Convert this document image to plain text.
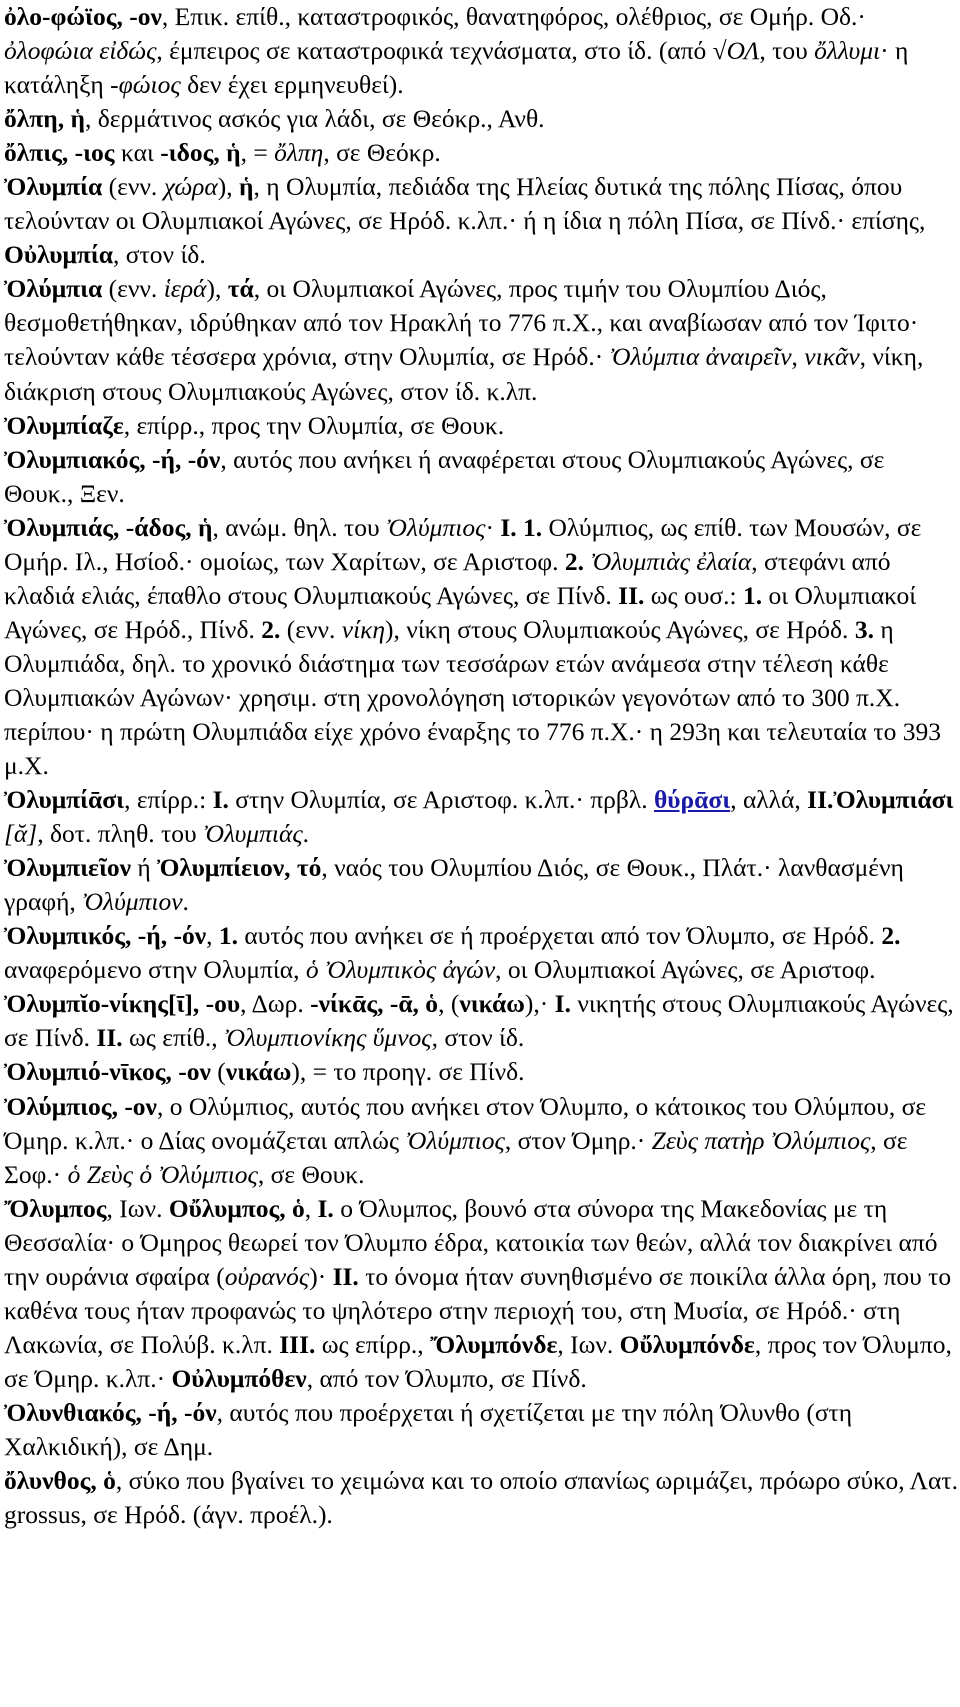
ὀλο-φώϊος, -ον, Επικ. επίθ., καταστροφικός, θανατηφόρος, ολέθριος, σε Ομήρ. Οδ.· ὀλοφώια εἰδώς, έμπειρος σε καταστροφικά τεχνάσματα, στο ίδ. (από √ΟΛ, του ὄλλυμι· η κατάληξη -φώιος δεν έχει ερμηνευθεί).

ὄλπη, ἡ, δερμάτινος ασκός για λάδι, σε Θεόκρ., Ανθ.

ὄλπις, -ιος και -ιδος, ἡ, = ὄλπη, σε Θεόκρ.

Ὀλυμπία (ενν. χώρα), ἡ, η Ολυμπία, πεδιάδα της Ηλείας δυτικά της πόλης Πίσας, όπου τελούνταν οι Ολυμπιακοί Αγώνες, σε Ηρόδ. κ.λπ.· ή η ίδια η πόλη Πίσα, σε Πίνδ.· επίσης, Οὐλυμπία, στον ίδ.

Ὀλύμπια (ενν. ἱερά), τά, οι Ολυμπιακοί Αγώνες, προς τιμήν του Ολυμπίου Διός, θεσμοθετήθηκαν, ιδρύθηκαν από τον Ηρακλή το 776 π.Χ., και αναβίωσαν από τον Ίφιτο· τελούνταν κάθε τέσσερα χρόνια, στην Ολυμπία, σε Ηρόδ.· Ὀλύμπια ἀναιρεῖν, νικᾶν, νίκη, διάκριση στους Ολυμπιακούς Αγώνες, στον ίδ. κ.λπ.

Ὀλυμπίαζε, επίρρ., προς την Ολυμπία, σε Θουκ.

Ὀλυμπιακός, -ή, -όν, αυτός που ανήκει ή αναφέρεται στους Ολυμπιακούς Αγώνες, σε Θουκ., Ξεν.

Ὀλυμπιάς, -άδος, ἡ, ανώμ. θηλ. του Ὀλύμπιος· I. 1. Ολύμπιος, ως επίθ. των Μουσών, σε Ομήρ. Ιλ., Ησίοδ.· ομοίως, των Χαρίτων, σε Αριστοφ. 2. Ὀλυμπιὰς ἐλαία, στεφάνι από κλαδιά ελιάς, έπαθλο στους Ολυμπιακούς Αγώνες, σε Πίνδ. II. ως ουσ.: 1. οι Ολυμπιακοί Αγώνες, σε Ηρόδ., Πίνδ. 2. (ενν. νίκη), νίκη στους Ολυμπιακούς Αγώνες, σε Ηρόδ. 3. η Ολυμπιάδα, δηλ. το χρονικό διάστημα των τεσσάρων ετών ανάμεσα στην τέλεση κάθε Ολυμπιακών Αγώνων· χρησιμ. στη χρονολόγηση ιστορικών γεγονότων από το 300 π.Χ. περίπου· η πρώτη Ολυμπιάδα είχε χρόνο έναρξης το 776 π.Χ.· η 293η και τελευταία το 393 μ.Χ.

Ὀλυμπίᾱσι, επίρρ.: I. στην Ολυμπία, σε Αριστοφ. κ.λπ.· πρβλ. θύρᾱσι, αλλά, II.Ὀλυμπιάσι [ᾰ], δοτ. πληθ. του Ὀλυμπιάς.

Ὀλυμπιεῖον ή Ὀλυμπίειον, τό, ναός του Ολυμπίου Διός, σε Θουκ., Πλάτ.· λανθασμένη γραφή, Ὀλύμπιον.

Ὀλυμπικός, -ή, -όν, 1. αυτός που ανήκει σε ή προέρχεται από τον Όλυμπο, σε Ηρόδ. 2. αναφερόμενο στην Ολυμπία, ὁ Ὀλυμπικὸς ἀγών, οι Ολυμπιακοί Αγώνες, σε Αριστοφ.

Ὀλυμπῐο-νίκης[ῑ], -ου, Δωρ. -νίκᾱς, -ᾱ, ὁ, (νικάω),· I. νικητής στους Ολυμπιακούς Αγώνες, σε Πίνδ. II. ως επίθ., Ὀλυμπιονίκης ὕμνος, στον ίδ.

Ὀλυμπιό-νῑκος, -ον (νικάω), = το προηγ. σε Πίνδ.

Ὀλύμπιος, -ον, ο Ολύμπιος, αυτός που ανήκει στον Όλυμπο, ο κάτοικος του Ολύμπου, σε Όμηρ. κ.λπ.· ο Δίας ονομάζεται απλώς Ὀλύμπιος, στον Όμηρ.· Ζεὺς πατὴρ Ὀλύμπιος, σε Σοφ.· ὁ Ζεὺς ὁ Ὀλύμπιος, σε Θουκ.

Ὄλυμπος, Ιων. Οὔλυμπος, ὁ, I. ο Όλυμπος, βουνό στα σύνορα της Μακεδονίας με τη Θεσσαλία· ο Όμηρος θεωρεί τον Όλυμπο έδρα, κατοικία των θεών, αλλά τον διακρίνει από την ουράνια σφαίρα (οὐρανός)· II. το όνομα ήταν συνηθισμένο σε ποικίλα άλλα όρη, που το καθένα τους ήταν προφανώς το ψηλότερο στην περιοχή του, στη Μυσία, σε Ηρόδ.· στη Λακωνία, σε Πολύβ. κ.λπ. III. ως επίρρ., Ὄλυμπόνδε, Ιων. Οὔλυμπόνδε, προς τον Όλυμπο, σε Όμηρ. κ.λπ.· Οὐλυμπόθεν, από τον Όλυμπο, σε Πίνδ.

Ὀλυνθιακός, -ή, -όν, αυτός που προέρχεται ή σχετίζεται με την πόλη Όλυνθο (στη Χαλκιδική), σε Δημ.

ὄλυνθος, ὁ, σύκο που βγαίνει το χειμώνα και το οποίο σπανίως ωριμάζει, πρόωρο σύκο, Λατ. grossus, σε Ηρόδ. (άγν. προέλ.).
